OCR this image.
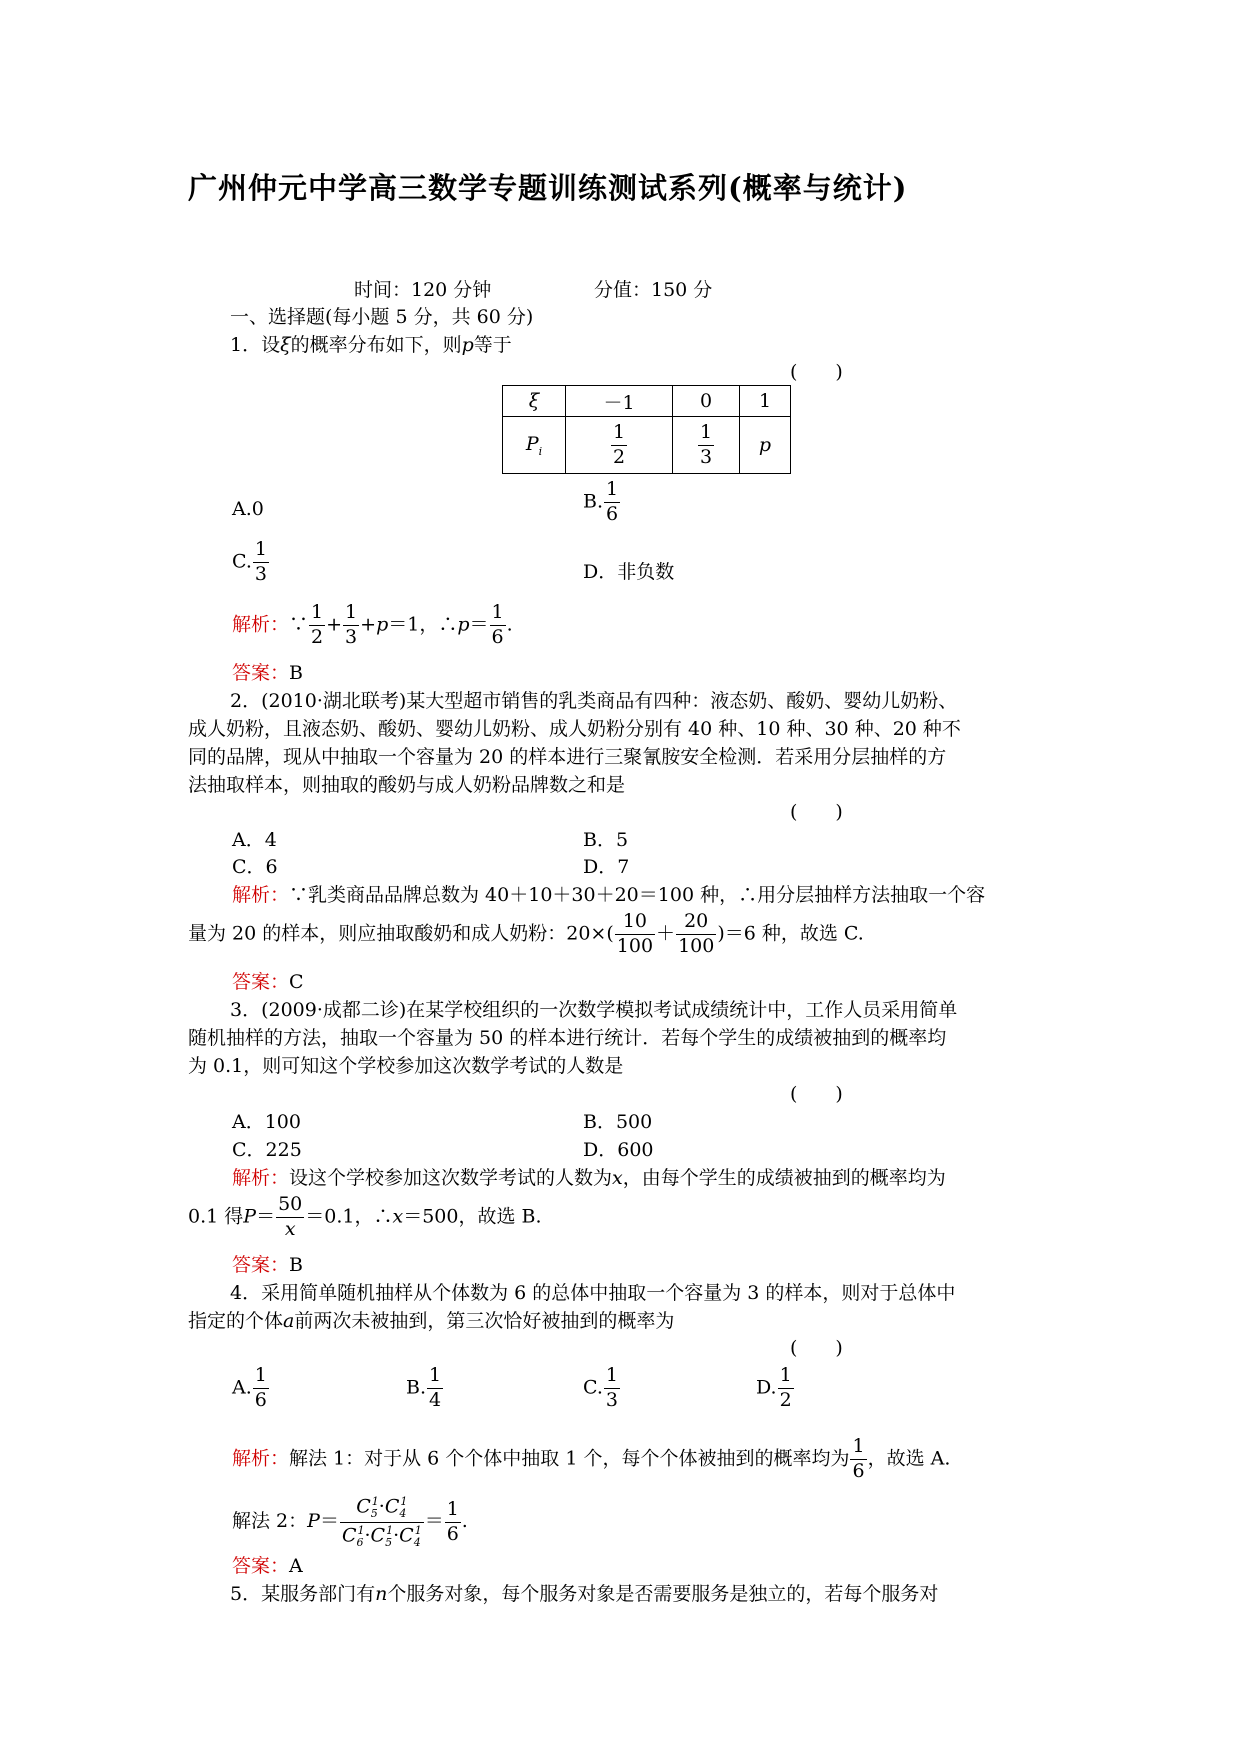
广州仲元中学高三数学专题训练测试系列(概率与统计)
时间：120 分钟	分值：150 分
一、选择题(每小题 5 分，共 60 分)
1．设ξ的概率分布如下，则p等于
(　　)
ξ	－1	0	1
$P_i$	$\frac{1}{2}$	$\frac{1}{3}$	p
A.0	B. $\frac{1}{6}$
C. $\frac{1}{3}$	D．非负数
解析：∵ $\frac{1}{2} + \frac{1}{3} +p=1$，∴p＝ $\frac{1}{6}$ .
答案：B
2．(2010·湖北联考)某大型超市销售的乳类商品有四种：液态奶、酸奶、婴幼儿奶粉、
成人奶粉，且液态奶、酸奶、婴幼儿奶粉、成人奶粉分别有 40 种、10 种、30 种、20 种不
同的品牌，现从中抽取一个容量为 20 的样本进行三聚氰胺安全检测．若采用分层抽样的方
法抽取样本，则抽取的酸奶与成人奶粉品牌数之和是
(　　)
A．4	B．5
C．6	D．7
解析：∵乳类商品品牌总数为 40＋10＋30＋20＝100 种，∴用分层抽样方法抽取一个容
量为 20 的样本，则应抽取酸奶和成人奶粉：$20\times( \frac{10}{100} + \frac{20}{100} )=6$ 种，故选 C.
答案：C
3．(2009·成都二诊)在某学校组织的一次数学模拟考试成绩统计中，工作人员采用简单
随机抽样的方法，抽取一个容量为 50 的样本进行统计．若每个学生的成绩被抽到的概率均
为 0.1，则可知这个学校参加这次数学考试的人数是
(　　)
A．100	B．500
C．225	D．600
解析：设这个学校参加这次数学考试的人数为x，由每个学生的成绩被抽到的概率均为
0.1 得$P= \frac{50}{x} =0.1$，∴x＝500，故选 B.
答案：B
4．采用简单随机抽样从个体数为 6 的总体中抽取一个容量为 3 的样本，则对于总体中
指定的个体a前两次未被抽到，第三次恰好被抽到的概率为
(　　)
A. $\frac{1}{6}$	B. $\frac{1}{4}$	C. $\frac{1}{3}$	D. $\frac{1}{2}$
解析：解法 1：对于从 6 个个体中抽取 1 个，每个个体被抽到的概率均为 $\frac{1}{6}$ ，故选 A.
解法 2：$P= \frac{C_5^1\cdot C_4^1}{C_6^1\cdot C_5^1\cdot C_4^1} = \frac{1}{6}$ .
答案：A
5．某服务部门有n个服务对象，每个服务对象是否需要服务是独立的，若每个服务对
